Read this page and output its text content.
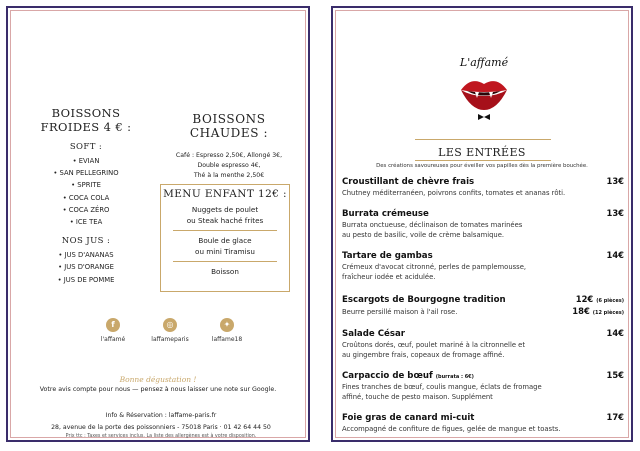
BOISSONS
FROIDES 4 € :
SOFT :
• EVIAN
• SAN PELLEGRINO
• SPRITE
• COCA COLA
• COCA ZÉRO
• ICE TEA
NOS JUS :
• JUS D'ANANAS
• JUS D'ORANGE
• JUS DE POMME
BOISSONS
CHAUDES :
Café : Espresso 2,50€, Allongé 3€,
Double espresso 4€,
Thé à la menthe 2,50€
MENU ENFANT 12€ :
Nuggets de poulet
ou Steak haché frites
Boule de glace
ou mini Tiramisu
Boisson
f
l'affamé
◎
laffameparis
✦
laffame18
Bonne dégustation !
Votre avis compte pour nous — pensez à nous laisser une note sur Google.
Info & Réservation : laffame-paris.fr
28, avenue de la porte des poissonniers - 75018 Paris · 01 42 64 44 50
Prix ttc : Taxes et services inclus. La liste des allergènes est à votre disposition.
L'affamé
LES ENTRÉES
Des créations savoureuses pour éveiller vos papilles dès la première bouchée.
Croustillant de chèvre frais	13€
Chutney méditerranéen, poivrons confits, tomates et ananas rôti.
Burrata crémeuse	13€
Burrata onctueuse, déclinaison de tomates marinées
au pesto de basilic, voile de crème balsamique.
Tartare de gambas	14€
Crémeux d'avocat citronné, perles de pamplemousse,
fraîcheur iodée et acidulée.
Escargots de Bourgogne tradition	12€ (6 pièces)
Beurre persillé maison à l'ail rose.	18€ (12 pièces)
Salade César	14€
Croûtons dorés, œuf, poulet mariné à la citronnelle et
au gingembre frais, copeaux de fromage affiné.
Carpaccio de bœuf (burrata : 6€)	15€
Fines tranches de bœuf, coulis mangue, éclats de fromage
affiné, touche de pesto maison. Supplément
Foie gras de canard mi-cuit	17€
Accompagné de confiture de figues, gelée de mangue et toasts.
